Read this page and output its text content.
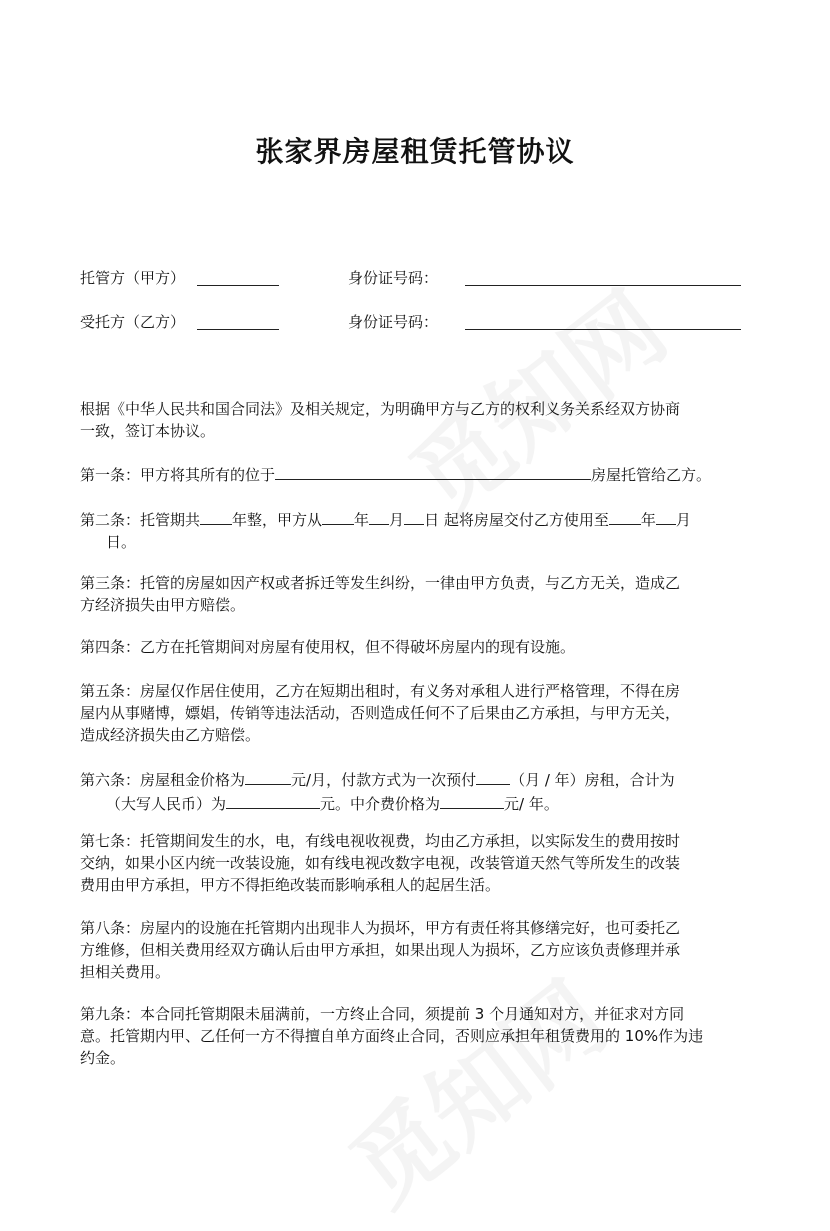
张家界房屋租赁托管协议
托管方（甲方）	身份证号码：
受托方（乙方）	身份证号码：
根据《中华人民共和国合同法》及相关规定，为明确甲方与乙方的权利义务关系经双方协商
一致，签订本协议。
第一条：甲方将其所有的位于	房屋托管给乙方。
第二条：托管期共 年整，甲方从 年 月 日 起将房屋交付乙方使用至 年 月
日。
第三条：托管的房屋如因产权或者拆迁等发生纠纷，一律由甲方负责，与乙方无关，造成乙
方经济损失由甲方赔偿。
第四条：乙方在托管期间对房屋有使用权，但不得破坏房屋内的现有设施。
第五条：房屋仅作居住使用，乙方在短期出租时，有义务对承租人进行严格管理，不得在房
屋内从事赌博，嫖娼，传销等违法活动，否则造成任何不了后果由乙方承担，与甲方无关，
造成经济损失由乙方赔偿。
第六条：房屋租金价格为	元/月，付款方式为一次预付 （月 / 年）房租，合计为
（大写人民币）为	元。中介费价格为	元/ 年。
第七条：托管期间发生的水，电，有线电视收视费，均由乙方承担，以实际发生的费用按时
交纳，如果小区内统一改装设施，如有线电视改数字电视，改装管道天然气等所发生的改装
费用由甲方承担，甲方不得拒绝改装而影响承租人的起居生活。
第八条：房屋内的设施在托管期内出现非人为损坏，甲方有责任将其修缮完好，也可委托乙
方维修，但相关费用经双方确认后由甲方承担，如果出现人为损坏，乙方应该负责修理并承
担相关费用。
第九条：本合同托管期限未届满前，一方终止合同，须提前 3 个月通知对方，并征求对方同
意。托管期内甲、乙任何一方不得擅自单方面终止合同，否则应承担年租赁费用的 10%作为违
约金。
